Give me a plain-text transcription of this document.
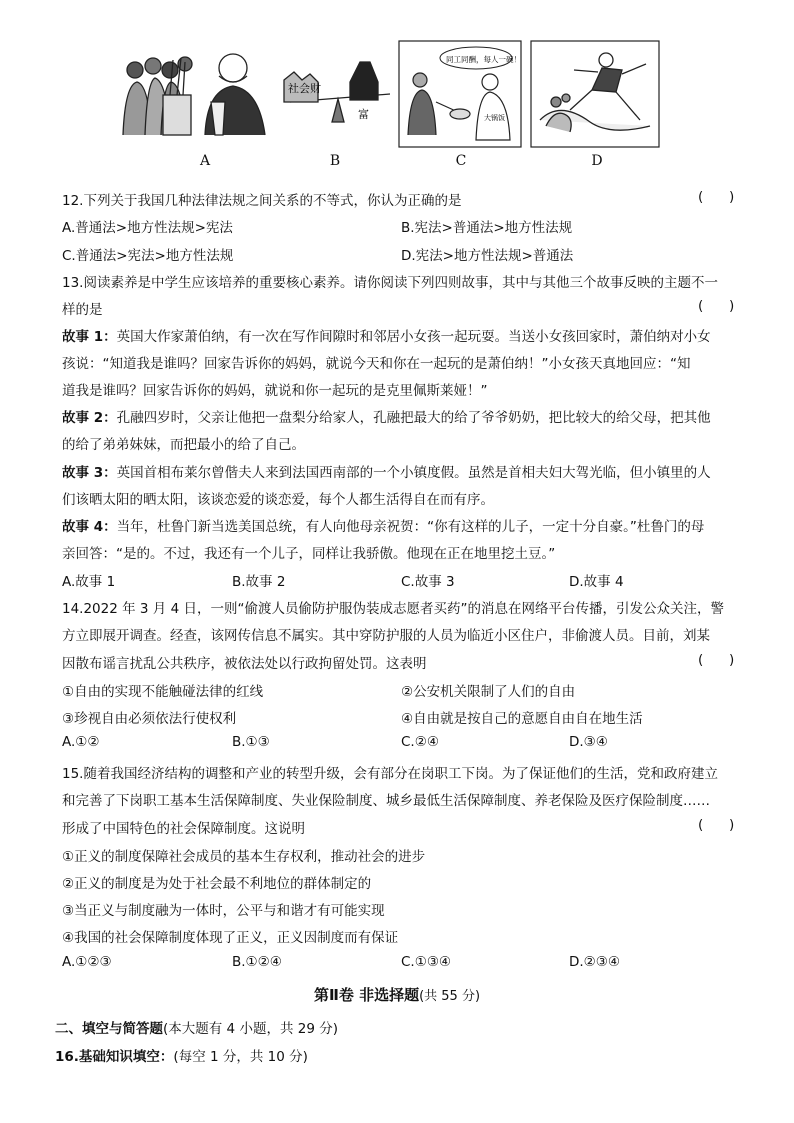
A
社会财
富
B
同工同酬，每人一碗！
大锅饭
C	D
12.下列关于我国几种法律法规之间关系的不等式，你认为正确的是	(      )
A.普通法>地方性法规>宪法	B.宪法>普通法>地方性法规
C.普通法>宪法>地方性法规	D.宪法>地方性法规>普通法
13.阅读素养是中学生应该培养的重要核心素养。请你阅读下列四则故事，其中与其他三个故事反映的主题不一
样的是	(      )
故事 1：英国大作家萧伯纳，有一次在写作间隙时和邻居小女孩一起玩耍。当送小女孩回家时，萧伯纳对小女
孩说：“知道我是谁吗？回家告诉你的妈妈，就说今天和你在一起玩的是萧伯纳！”小女孩天真地回应：“知
道我是谁吗？回家告诉你的妈妈，就说和你一起玩的是克里佩斯莱娅！”
故事 2：孔融四岁时，父亲让他把一盘梨分给家人，孔融把最大的给了爷爷奶奶，把比较大的给父母，把其他
的给了弟弟妹妹，而把最小的给了自己。
故事 3：英国首相布莱尔曾偕夫人来到法国西南部的一个小镇度假。虽然是首相夫妇大驾光临，但小镇里的人
们该晒太阳的晒太阳，该谈恋爱的谈恋爱，每个人都生活得自在而有序。
故事 4：当年，杜鲁门新当选美国总统，有人向他母亲祝贺：“你有这样的儿子，一定十分自豪。”杜鲁门的母
亲回答：“是的。不过，我还有一个儿子，同样让我骄傲。他现在正在地里挖土豆。”
A.故事 1	B.故事 2	C.故事 3	D.故事 4
14.2022 年 3 月 4 日，一则“偷渡人员偷防护服伪装成志愿者买药”的消息在网络平台传播，引发公众关注，警
方立即展开调查。经查，该网传信息不属实。其中穿防护服的人员为临近小区住户，非偷渡人员。目前，刘某
因散布谣言扰乱公共秩序，被依法处以行政拘留处罚。这表明	(      )
①自由的实现不能触碰法律的红线	②公安机关限制了人们的自由
③珍视自由必须依法行使权利	④自由就是按自己的意愿自由自在地生活
A.①②	B.①③	C.②④	D.③④
15.随着我国经济结构的调整和产业的转型升级，会有部分在岗职工下岗。为了保证他们的生活，党和政府建立
和完善了下岗职工基本生活保障制度、失业保险制度、城乡最低生活保障制度、养老保险及医疗保险制度……
形成了中国特色的社会保障制度。这说明	(      )
①正义的制度保障社会成员的基本生存权利，推动社会的进步
②正义的制度是为处于社会最不利地位的群体制定的
③当正义与制度融为一体时，公平与和谐才有可能实现
④我国的社会保障制度体现了正义，正义因制度而有保证
A.①②③	B.①②④	C.①③④	D.②③④
第Ⅱ卷 非选择题(共 55 分)
二、填空与简答题(本大题有 4 小题，共 29 分)
16.基础知识填空：(每空 1 分，共 10 分)
